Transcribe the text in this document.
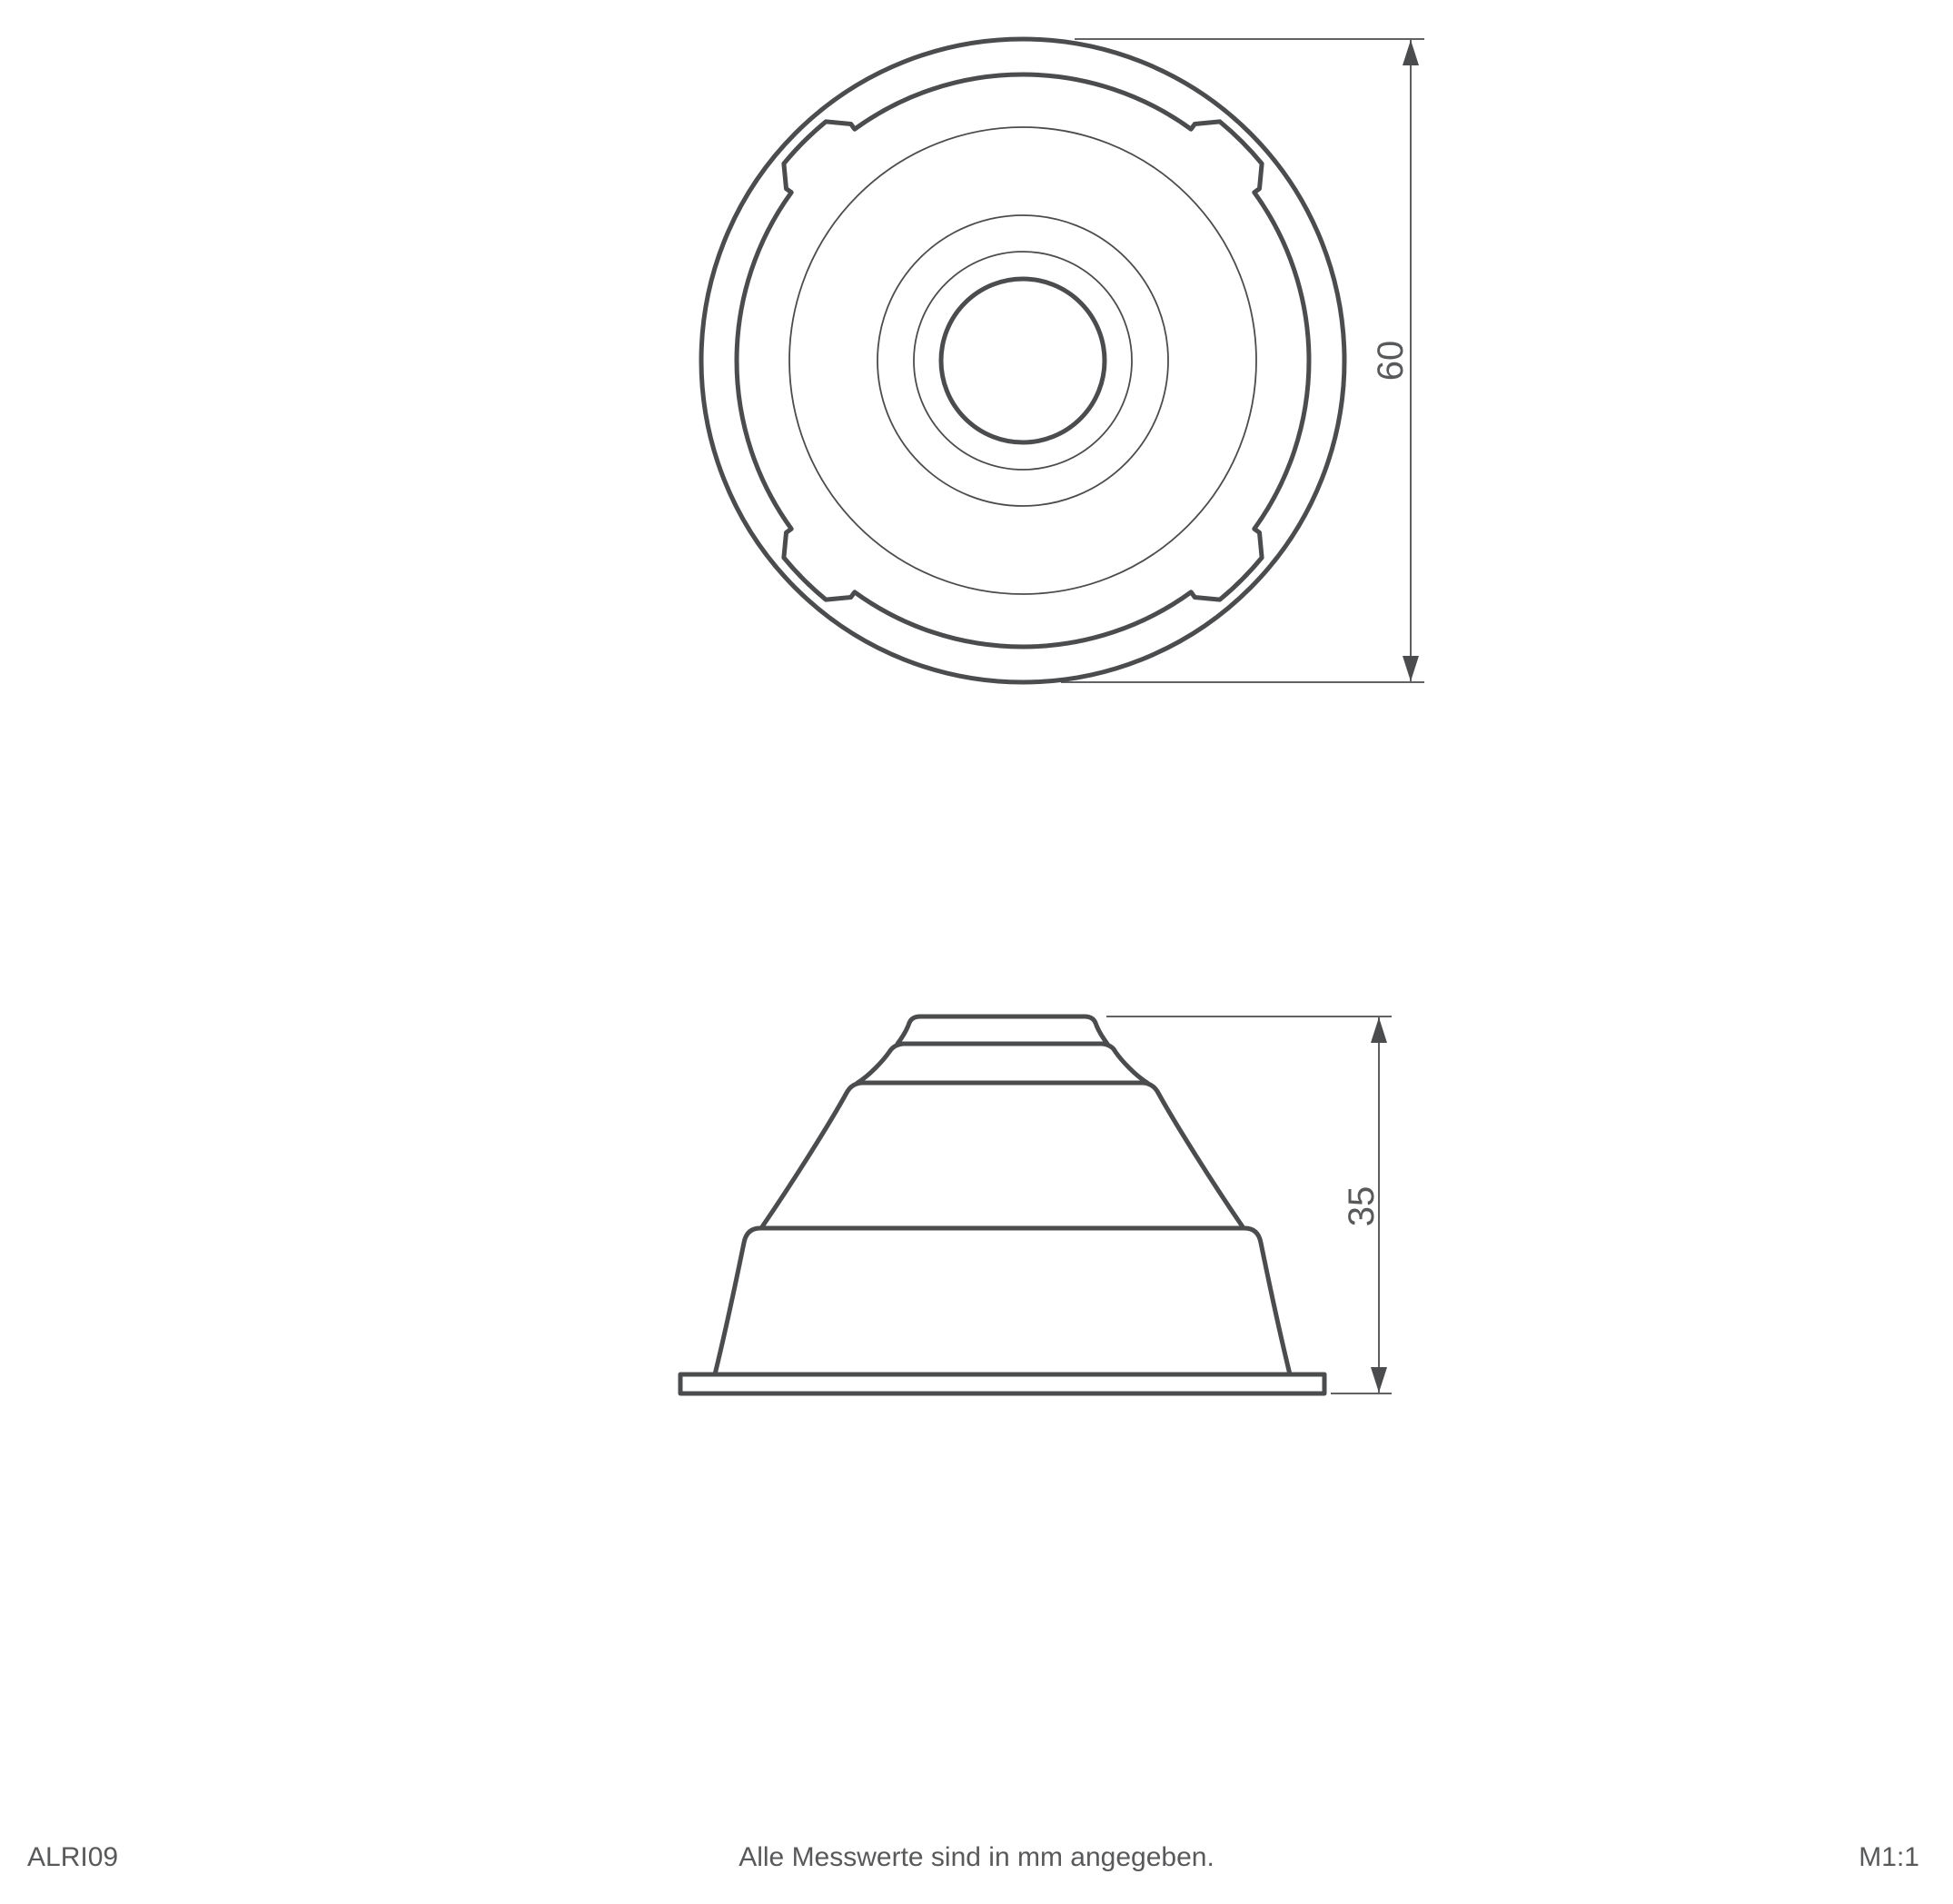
60
35
ALRI09	Alle Messwerte sind in mm angegeben.	M1:1
